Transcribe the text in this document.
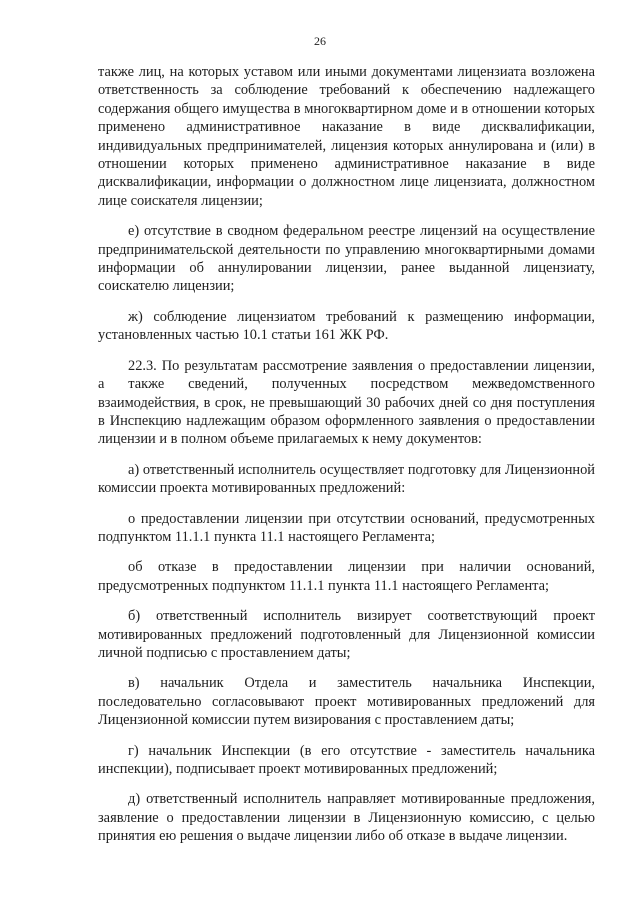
26

также лиц, на которых уставом или иными документами лицензиата возложена ответственность за соблюдение требований к обеспечению надлежащего содержания общего имущества в многоквартирном доме и в отношении которых применено административное наказание в виде дисквалификации, индивидуальных предпринимателей, лицензия которых аннулирована и (или) в отношении которых применено административное наказание в виде дисквалификации, информации о должностном лице лицензиата, должностном лице соискателя лицензии;

е) отсутствие в сводном федеральном реестре лицензий на осуществление предпринимательской деятельности по управлению многоквартирными домами информации об аннулировании лицензии, ранее выданной лицензиату, соискателю лицензии;

ж) соблюдение лицензиатом требований к размещению информации, установленных частью 10.1 статьи 161 ЖК РФ.

22.3. По результатам рассмотрение заявления о предоставлении лицензии, а также сведений, полученных посредством межведомственного взаимодействия, в срок, не превышающий 30 рабочих дней со дня поступления в Инспекцию надлежащим образом оформленного заявления о предоставлении лицензии и в полном объеме прилагаемых к нему документов:

а) ответственный исполнитель осуществляет подготовку для Лицензионной комиссии проекта мотивированных предложений:

о предоставлении лицензии при отсутствии оснований, предусмотренных подпунктом 11.1.1 пункта 11.1 настоящего Регламента;

об отказе в предоставлении лицензии при наличии оснований, предусмотренных подпунктом 11.1.1 пункта 11.1 настоящего Регламента;

б) ответственный исполнитель визирует соответствующий проект мотивированных предложений подготовленный для Лицензионной комиссии личной подписью с проставлением даты;

в) начальник Отдела и заместитель начальника Инспекции, последовательно согласовывают проект мотивированных предложений для Лицензионной комиссии путем визирования с проставлением даты;

г) начальник Инспекции (в его отсутствие - заместитель начальника инспекции), подписывает проект мотивированных предложений;

д) ответственный исполнитель направляет мотивированные предложения, заявление о предоставлении лицензии в Лицензионную комиссию, с целью принятия ею решения о выдаче лицензии либо об отказе в выдаче лицензии.
